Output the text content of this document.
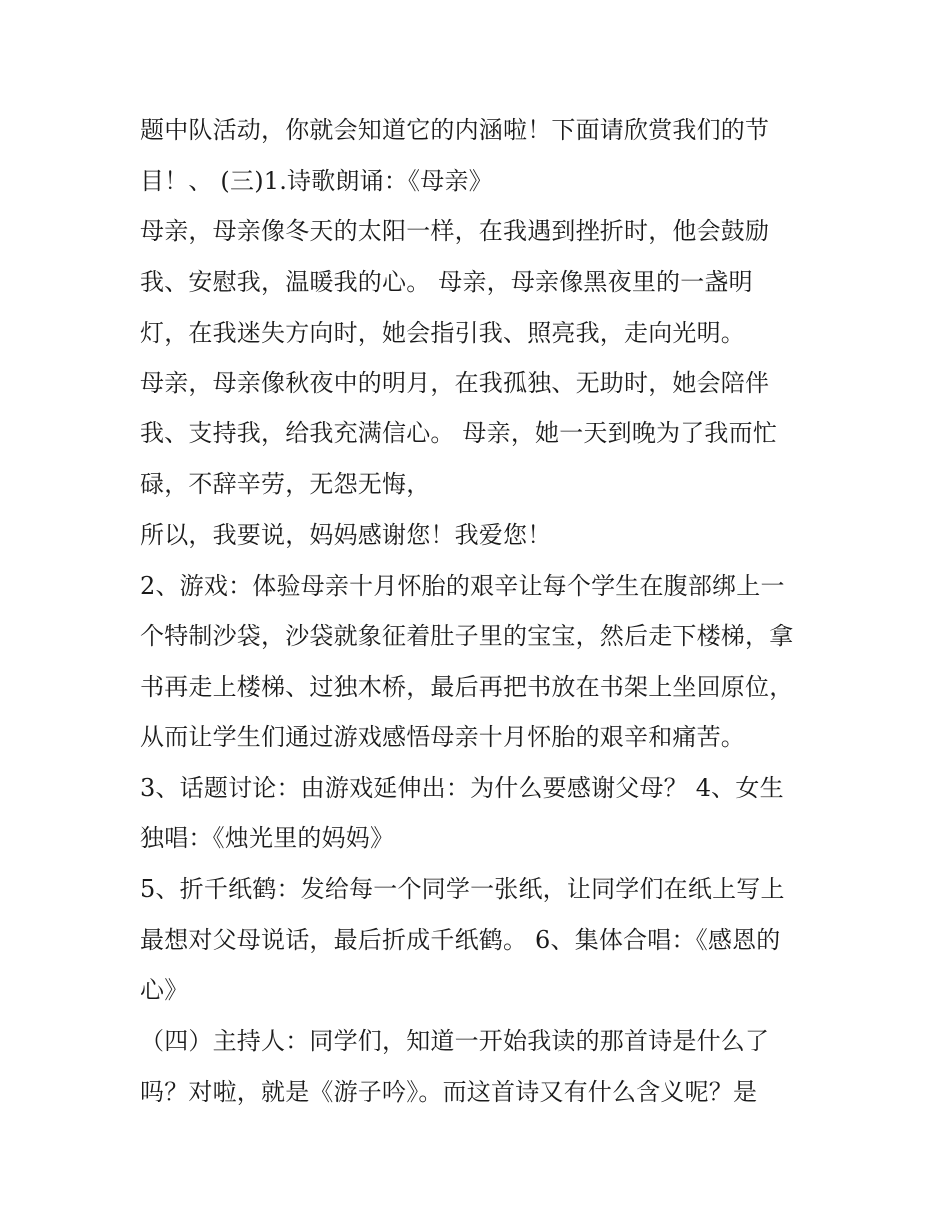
题中队活动，你就会知道它的内涵啦！下面请欣赏我们的节
目！、 (三)1.诗歌朗诵：《母亲》
母亲，母亲像冬天的太阳一样，在我遇到挫折时，他会鼓励
我、安慰我，温暖我的心。 母亲，母亲像黑夜里的一盏明
灯，在我迷失方向时，她会指引我、照亮我，走向光明。
母亲，母亲像秋夜中的明月，在我孤独、无助时，她会陪伴
我、支持我，给我充满信心。 母亲，她一天到晚为了我而忙
碌，不辞辛劳，无怨无悔，
所以，我要说，妈妈感谢您！我爱您！
2、游戏：体验母亲十月怀胎的艰辛让每个学生在腹部绑上一
个特制沙袋，沙袋就象征着肚子里的宝宝，然后走下楼梯，拿
书再走上楼梯、过独木桥，最后再把书放在书架上坐回原位，
从而让学生们通过游戏感悟母亲十月怀胎的艰辛和痛苦。
3、话题讨论：由游戏延伸出：为什么要感谢父母？ 4、女生
独唱：《烛光里的妈妈》
5、折千纸鹤：发给每一个同学一张纸，让同学们在纸上写上
最想对父母说话，最后折成千纸鹤。 6、集体合唱：《感恩的
心》
（四）主持人：同学们，知道一开始我读的那首诗是什么了
吗？对啦，就是《游子吟》。而这首诗又有什么含义呢？是
